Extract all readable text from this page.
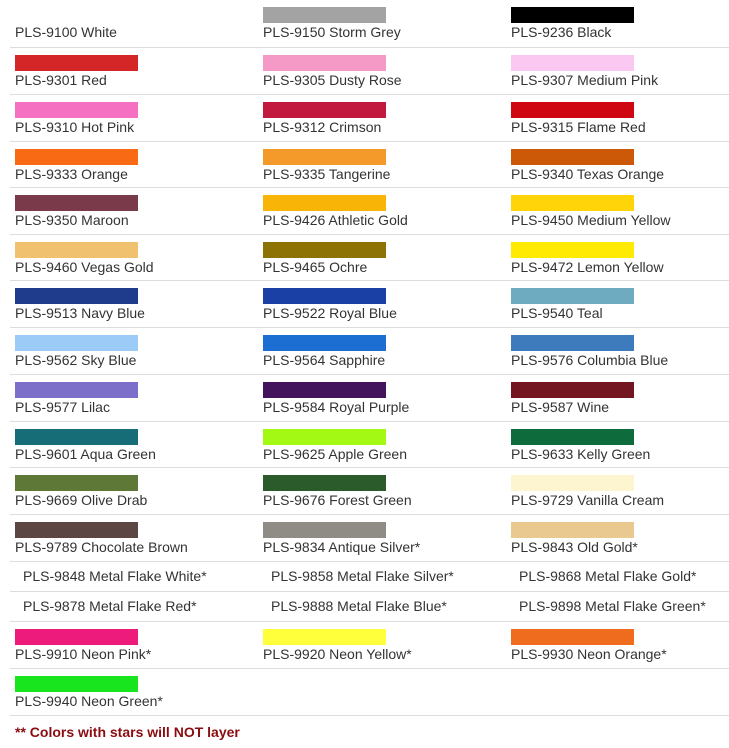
PLS-9100 White	PLS-9150 Storm Grey	PLS-9236 Black
PLS-9301 Red	PLS-9305 Dusty Rose	PLS-9307 Medium Pink
PLS-9310 Hot Pink	PLS-9312 Crimson	PLS-9315 Flame Red
PLS-9333 Orange	PLS-9335 Tangerine	PLS-9340 Texas Orange
PLS-9350 Maroon	PLS-9426 Athletic Gold	PLS-9450 Medium Yellow
PLS-9460 Vegas Gold	PLS-9465 Ochre	PLS-9472 Lemon Yellow
PLS-9513 Navy Blue	PLS-9522 Royal Blue	PLS-9540 Teal
PLS-9562 Sky Blue	PLS-9564 Sapphire	PLS-9576 Columbia Blue
PLS-9577 Lilac	PLS-9584 Royal Purple	PLS-9587 Wine
PLS-9601 Aqua Green	PLS-9625 Apple Green	PLS-9633 Kelly Green
PLS-9669 Olive Drab	PLS-9676 Forest Green	PLS-9729 Vanilla Cream
PLS-9789 Chocolate Brown	PLS-9834 Antique Silver*	PLS-9843 Old Gold*
PLS-9848 Metal Flake White*	PLS-9858 Metal Flake Silver*	PLS-9868 Metal Flake Gold*
PLS-9878 Metal Flake Red*	PLS-9888 Metal Flake Blue*	PLS-9898 Metal Flake Green*
PLS-9910 Neon Pink*	PLS-9920 Neon Yellow*	PLS-9930 Neon Orange*
PLS-9940 Neon Green*
** Colors with stars will NOT layer
